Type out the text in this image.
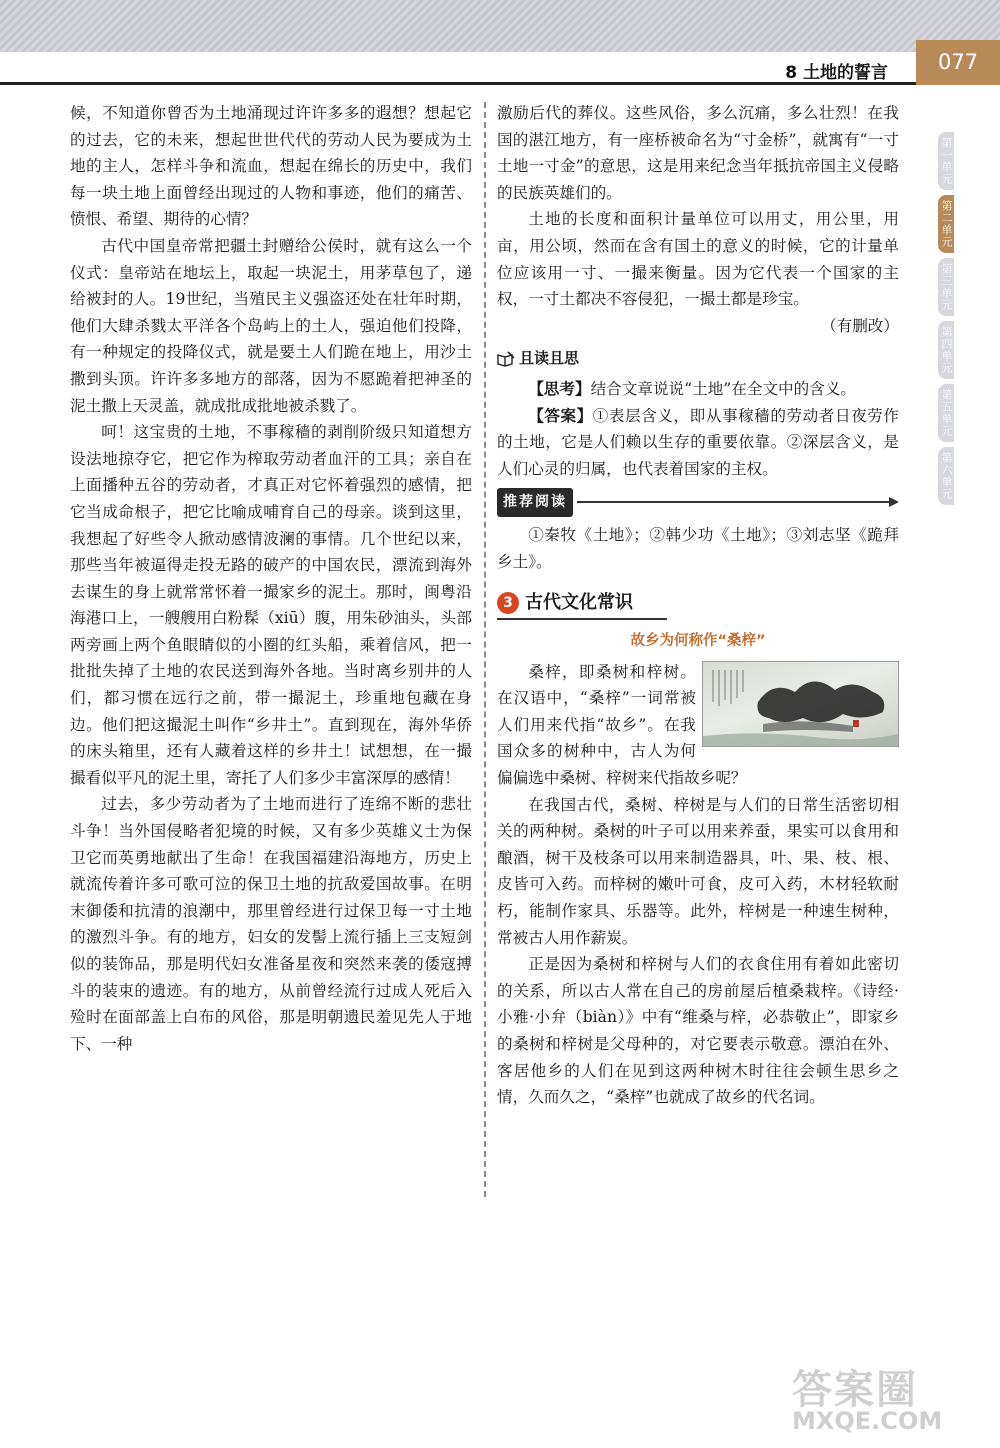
8 土地的誓言	077
第一单元
第二单元
第三单元
第四单元
第五单元
第六单元

候，不知道你曾否为土地涌现过许许多多的遐想？想起它的过去，它的未来，想起世世代代的劳动人民为要成为土地的主人，怎样斗争和流血，想起在绵长的历史中，我们每一块土地上面曾经出现过的人物和事迹，他们的痛苦、愤恨、希望、期待的心情？

古代中国皇帝常把疆土封赠给公侯时，就有这么一个仪式：皇帝站在地坛上，取起一块泥土，用茅草包了，递给被封的人。19世纪，当殖民主义强盗还处在壮年时期，他们大肆杀戮太平洋各个岛屿上的土人，强迫他们投降，有一种规定的投降仪式，就是要土人们跪在地上，用沙土撒到头顶。许许多多地方的部落，因为不愿跪着把神圣的泥土撒上天灵盖，就成批成批地被杀戮了。

呵！这宝贵的土地，不事稼穑的剥削阶级只知道想方设法地掠夺它，把它作为榨取劳动者血汗的工具；亲自在上面播种五谷的劳动者，才真正对它怀着强烈的感情，把它当成命根子，把它比喻成哺育自己的母亲。谈到这里，我想起了好些令人掀动感情波澜的事情。几个世纪以来，那些当年被逼得走投无路的破产的中国农民，漂流到海外去谋生的身上就常常怀着一撮家乡的泥土。那时，闽粤沿海港口上，一艘艘用白粉髹（xiū）腹，用朱砂油头，头部两旁画上两个鱼眼睛似的小圈的红头船，乘着信风，把一批批失掉了土地的农民送到海外各地。当时离乡别井的人们，都习惯在远行之前，带一撮泥土，珍重地包藏在身边。他们把这撮泥土叫作“乡井土”。直到现在，海外华侨的床头箱里，还有人藏着这样的乡井土！试想想，在一撮撮看似平凡的泥土里，寄托了人们多少丰富深厚的感情！

过去，多少劳动者为了土地而进行了连绵不断的悲壮斗争！当外国侵略者犯境的时候，又有多少英雄义士为保卫它而英勇地献出了生命！在我国福建沿海地方，历史上就流传着许多可歌可泣的保卫土地的抗敌爱国故事。在明末御倭和抗清的浪潮中，那里曾经进行过保卫每一寸土地的激烈斗争。有的地方，妇女的发髻上流行插上三支短剑似的装饰品，那是明代妇女准备星夜和突然来袭的倭寇搏斗的装束的遗迹。有的地方，从前曾经流行过成人死后入殓时在面部盖上白布的风俗，那是明朝遗民羞见先人于地下、一种

激励后代的葬仪。这些风俗，多么沉痛，多么壮烈！在我国的湛江地方，有一座桥被命名为“寸金桥”，就寓有“一寸土地一寸金”的意思，这是用来纪念当年抵抗帝国主义侵略的民族英雄们的。

土地的长度和面积计量单位可以用丈，用公里，用亩，用公顷，然而在含有国土的意义的时候，它的计量单位应该用一寸、一撮来衡量。因为它代表一个国家的主权，一寸土都决不容侵犯，一撮土都是珍宝。

（有删改）

且读且思

【思考】结合文章说说“土地”在全文中的含义。

【答案】①表层含义，即从事稼穑的劳动者日夜劳作的土地，它是人们赖以生存的重要依靠。②深层含义，是人们心灵的归属，也代表着国家的主权。

推荐阅读

①秦牧《土地》；②韩少功《土地》；③刘志坚《跪拜乡土》。

3 古代文化常识
故乡为何称作“桑梓”

桑梓，即桑树和梓树。在汉语中，“桑梓”一词常被人们用来代指“故乡”。在我国众多的树种中，古人为何偏偏选中桑树、梓树来代指故乡呢？

在我国古代，桑树、梓树是与人们的日常生活密切相关的两种树。桑树的叶子可以用来养蚕，果实可以食用和酿酒，树干及枝条可以用来制造器具，叶、果、枝、根、皮皆可入药。而梓树的嫩叶可食，皮可入药，木材轻软耐朽，能制作家具、乐器等。此外，梓树是一种速生树种，常被古人用作薪炭。

正是因为桑树和梓树与人们的衣食住用有着如此密切的关系，所以古人常在自己的房前屋后植桑栽梓。《诗经·小雅·小弁（biàn）》中有“维桑与梓，必恭敬止”，即家乡的桑树和梓树是父母种的，对它要表示敬意。漂泊在外、客居他乡的人们在见到这两种树木时往往会顿生思乡之情，久而久之，“桑梓”也就成了故乡的代名词。

答案圈
MXQE.COM
